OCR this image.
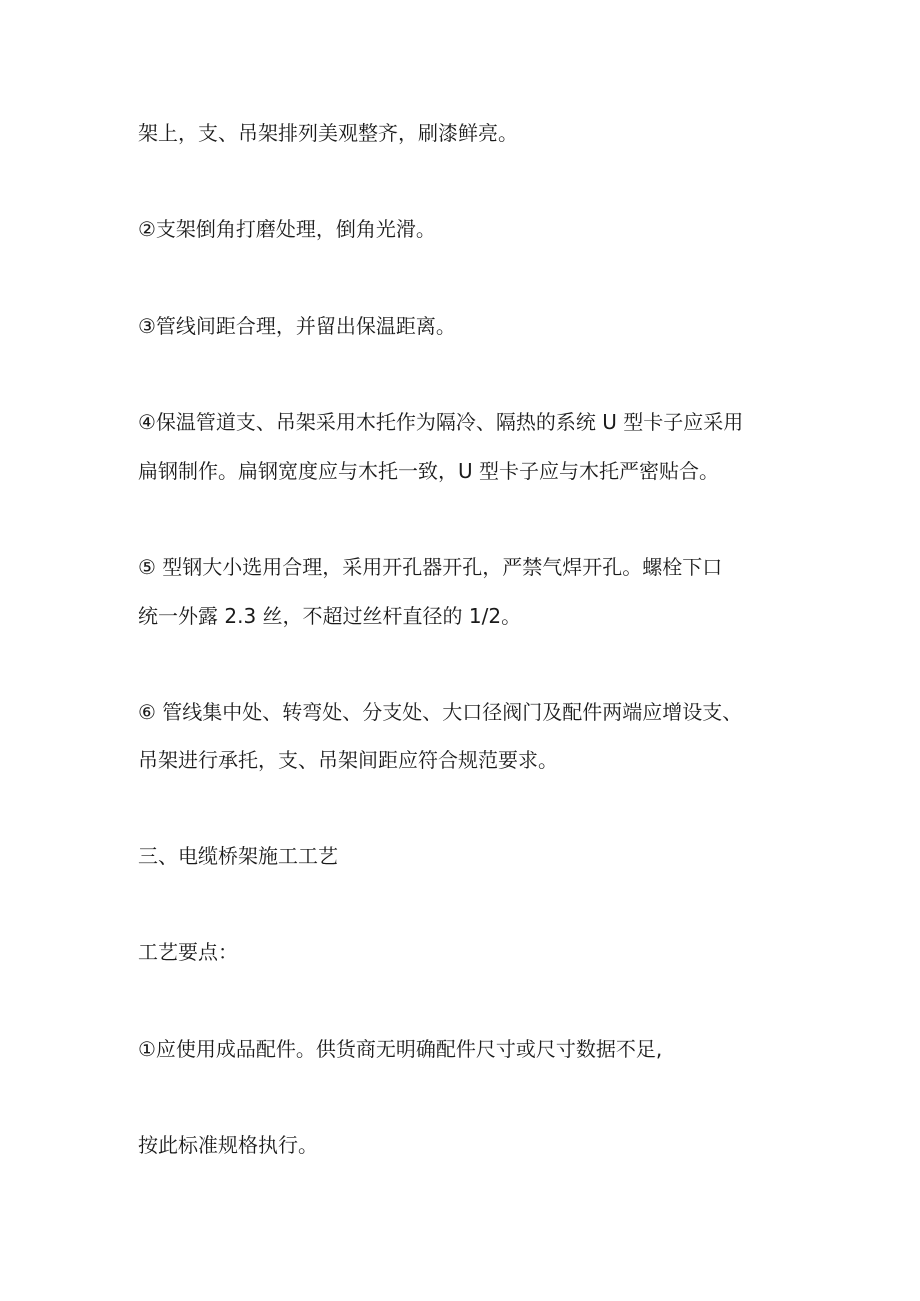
架上，支、吊架排列美观整齐，刷漆鲜亮。
②支架倒角打磨处理，倒角光滑。
③管线间距合理，并留出保温距离。
④保温管道支、吊架采用木托作为隔冷、隔热的系统 U 型卡子应采用
扁钢制作。扁钢宽度应与木托一致，U 型卡子应与木托严密贴合。
⑤ 型钢大小选用合理，采用开孔器开孔，严禁气焊开孔。螺栓下口
统一外露 2.3 丝，不超过丝杆直径的 1/2。
⑥ 管线集中处、转弯处、分支处、大口径阀门及配件两端应增设支、
吊架进行承托，支、吊架间距应符合规范要求。
三、电缆桥架施工工艺
工艺要点：
①应使用成品配件。供货商无明确配件尺寸或尺寸数据不足,
按此标准规格执行。
